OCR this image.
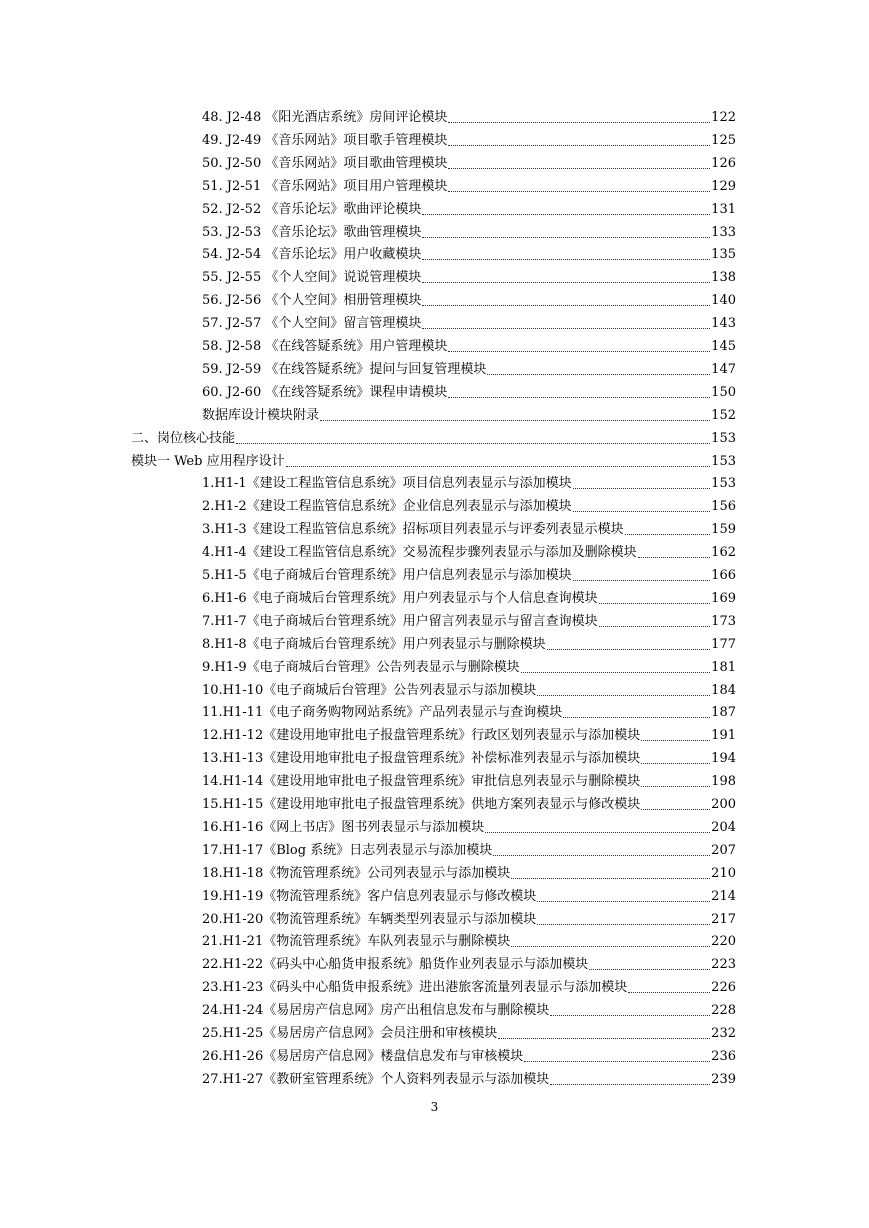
48. J2-48 《阳光酒店系统》房间评论模块	122
49. J2-49 《音乐网站》项目歌手管理模块	125
50. J2-50 《音乐网站》项目歌曲管理模块	126
51. J2-51 《音乐网站》项目用户管理模块	129
52. J2-52 《音乐论坛》歌曲评论模块	131
53. J2-53 《音乐论坛》歌曲管理模块	133
54. J2-54 《音乐论坛》用户收藏模块	135
55. J2-55 《个人空间》说说管理模块	138
56. J2-56 《个人空间》相册管理模块	140
57. J2-57 《个人空间》留言管理模块	143
58. J2-58 《在线答疑系统》用户管理模块	145
59. J2-59 《在线答疑系统》提问与回复管理模块	147
60. J2-60 《在线答疑系统》课程申请模块	150
数据库设计模块附录	152
二、岗位核心技能	153
模块一 Web 应用程序设计	153
1.H1-1《建设工程监管信息系统》项目信息列表显示与添加模块	153
2.H1-2《建设工程监管信息系统》企业信息列表显示与添加模块	156
3.H1-3《建设工程监管信息系统》招标项目列表显示与评委列表显示模块	159
4.H1-4《建设工程监管信息系统》交易流程步骤列表显示与添加及删除模块	162
5.H1-5《电子商城后台管理系统》用户信息列表显示与添加模块	166
6.H1-6《电子商城后台管理系统》用户列表显示与个人信息查询模块	169
7.H1-7《电子商城后台管理系统》用户留言列表显示与留言查询模块	173
8.H1-8《电子商城后台管理系统》用户列表显示与删除模块	177
9.H1-9《电子商城后台管理》公告列表显示与删除模块	181
10.H1-10《电子商城后台管理》公告列表显示与添加模块	184
11.H1-11《电子商务购物网站系统》产品列表显示与查询模块	187
12.H1-12《建设用地审批电子报盘管理系统》行政区划列表显示与添加模块	191
13.H1-13《建设用地审批电子报盘管理系统》补偿标准列表显示与添加模块	194
14.H1-14《建设用地审批电子报盘管理系统》审批信息列表显示与删除模块	198
15.H1-15《建设用地审批电子报盘管理系统》供地方案列表显示与修改模块	200
16.H1-16《网上书店》图书列表显示与添加模块	204
17.H1-17《Blog 系统》日志列表显示与添加模块	207
18.H1-18《物流管理系统》公司列表显示与添加模块	210
19.H1-19《物流管理系统》客户信息列表显示与修改模块	214
20.H1-20《物流管理系统》车辆类型列表显示与添加模块	217
21.H1-21《物流管理系统》车队列表显示与删除模块	220
22.H1-22《码头中心船货申报系统》船货作业列表显示与添加模块	223
23.H1-23《码头中心船货申报系统》进出港旅客流量列表显示与添加模块	226
24.H1-24《易居房产信息网》房产出租信息发布与删除模块	228
25.H1-25《易居房产信息网》会员注册和审核模块	232
26.H1-26《易居房产信息网》楼盘信息发布与审核模块	236
27.H1-27《教研室管理系统》个人资料列表显示与添加模块	239
3
